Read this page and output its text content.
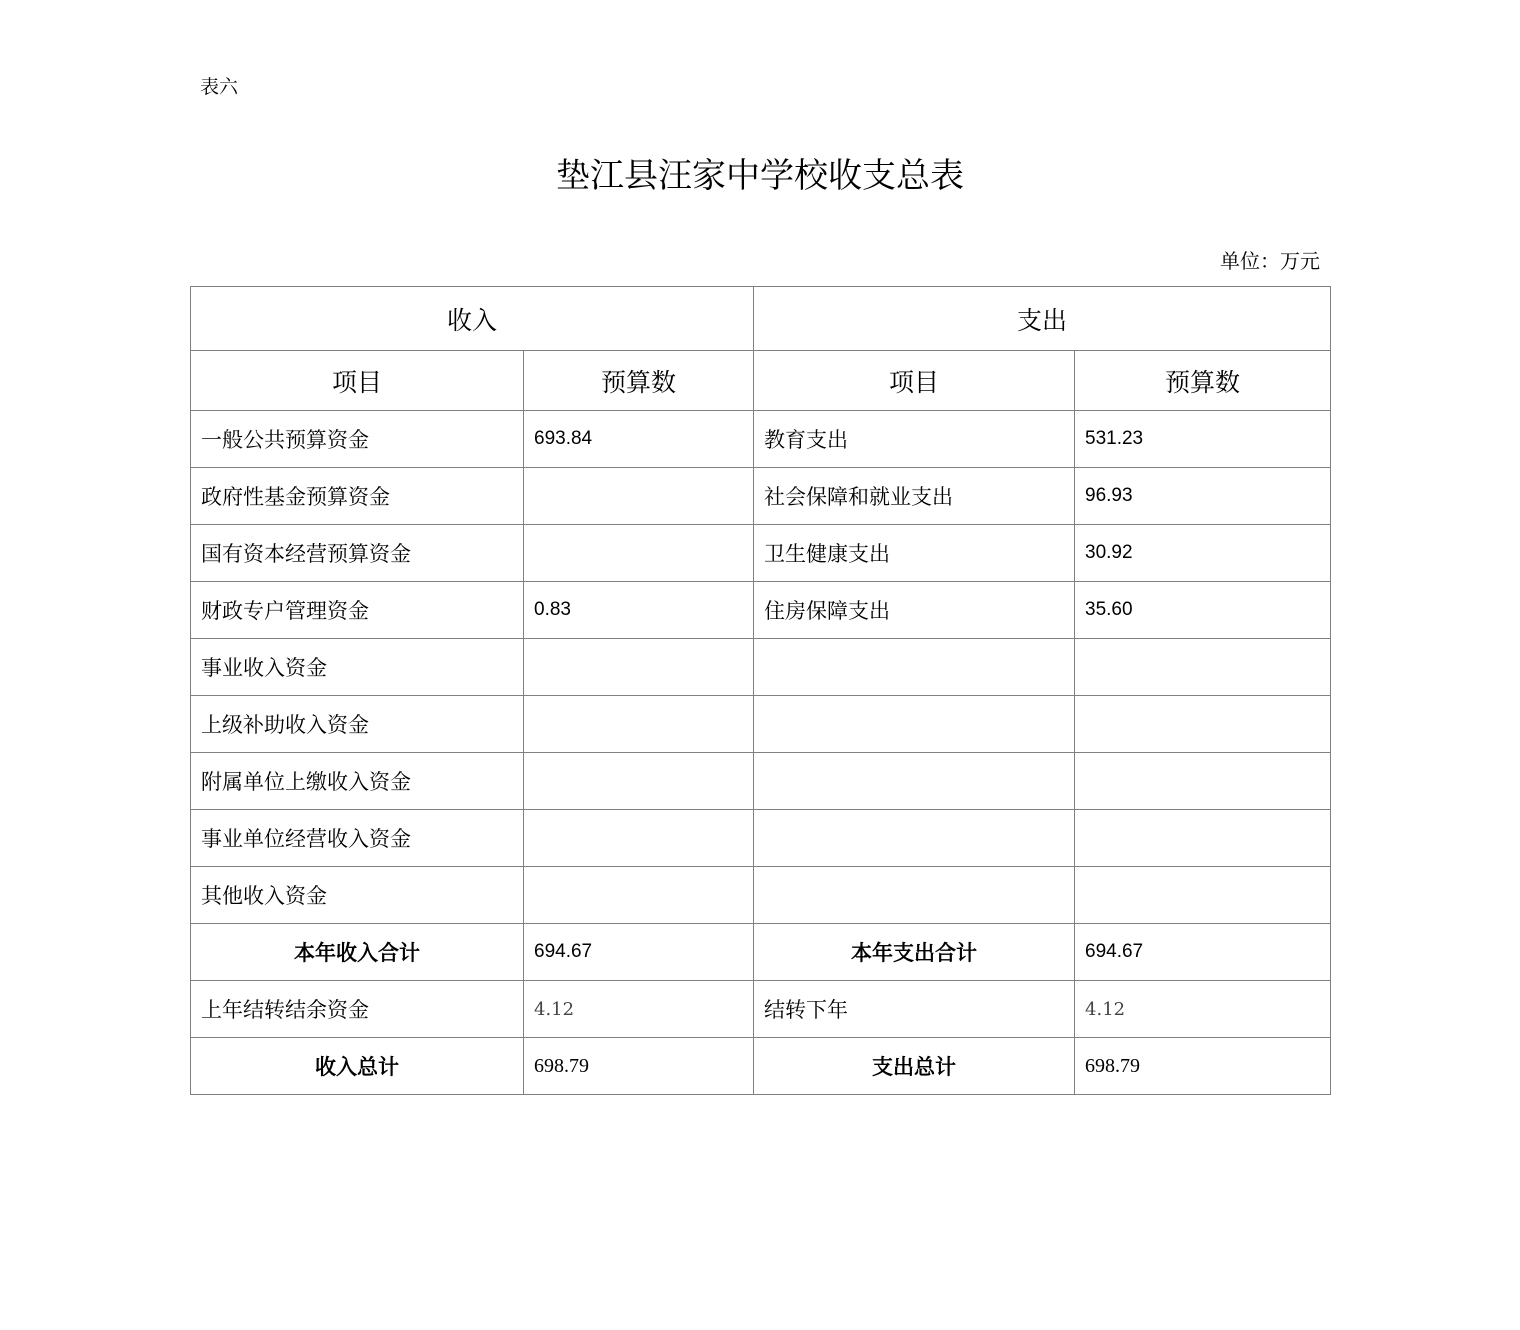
表六
垫江县汪家中学校收支总表
单位：万元
收入		支出	
项目	预算数	项目	预算数
一般公共预算资金	693.84	教育支出	531.23
政府性基金预算资金		社会保障和就业支出	96.93
国有资本经营预算资金		卫生健康支出	30.92
财政专户管理资金	0.83	住房保障支出	35.60
事业收入资金			
上级补助收入资金			
附属单位上缴收入资金			
事业单位经营收入资金			
其他收入资金			
本年收入合计	694.67	本年支出合计	694.67
上年结转结余资金	4.12	结转下年	4.12
收入总计	698.79	支出总计	698.79
